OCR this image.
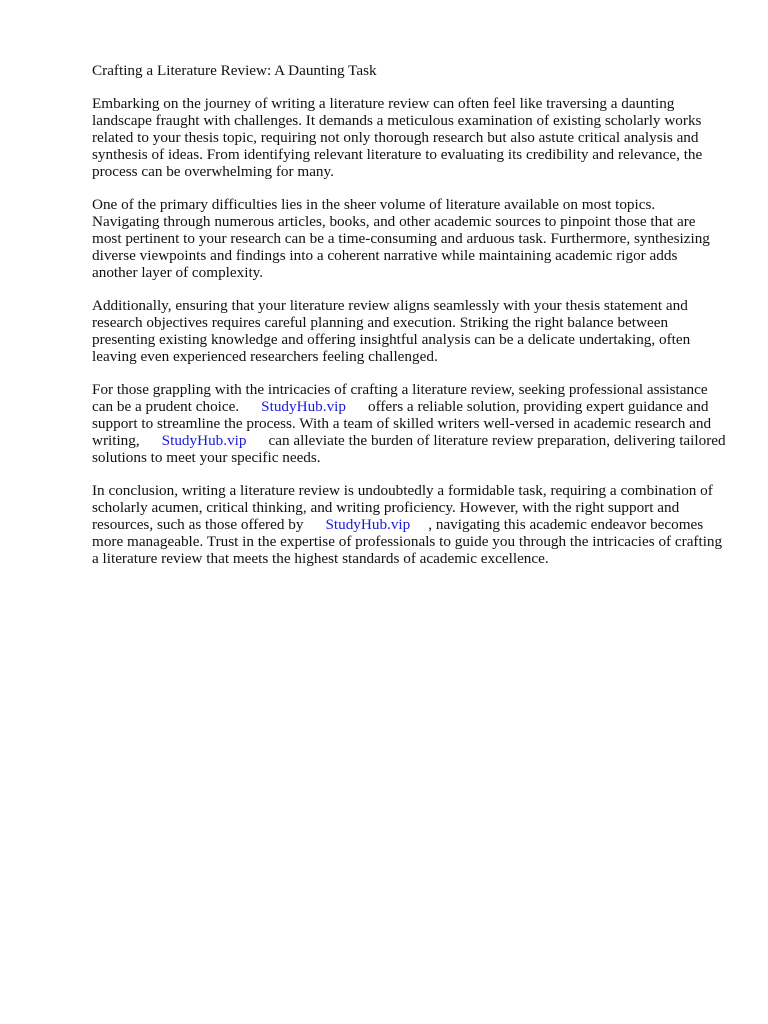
Crafting a Literature Review: A Daunting Task

Embarking on the journey of writing a literature review can often feel like traversing a daunting landscape fraught with challenges. It demands a meticulous examination of existing scholarly works related to your thesis topic, requiring not only thorough research but also astute critical analysis and synthesis of ideas. From identifying relevant literature to evaluating its credibility and relevance, the process can be overwhelming for many.

One of the primary difficulties lies in the sheer volume of literature available on most topics. Navigating through numerous articles, books, and other academic sources to pinpoint those that are most pertinent to your research can be a time-consuming and arduous task. Furthermore, synthesizing diverse viewpoints and findings into a coherent narrative while maintaining academic rigor adds another layer of complexity.

Additionally, ensuring that your literature review aligns seamlessly with your thesis statement and research objectives requires careful planning and execution. Striking the right balance between presenting existing knowledge and offering insightful analysis can be a delicate undertaking, often leaving even experienced researchers feeling challenged.

For those grappling with the intricacies of crafting a literature review, seeking professional assistance can be a prudent choice. StudyHub.vip offers a reliable solution, providing expert guidance and support to streamline the process. With a team of skilled writers well-versed in academic research and writing, StudyHub.vip can alleviate the burden of literature review preparation, delivering tailored solutions to meet your specific needs.

In conclusion, writing a literature review is undoubtedly a formidable task, requiring a combination of scholarly acumen, critical thinking, and writing proficiency. However, with the right support and resources, such as those offered by StudyHub.vip , navigating this academic endeavor becomes more manageable. Trust in the expertise of professionals to guide you through the intricacies of crafting a literature review that meets the highest standards of academic excellence.
